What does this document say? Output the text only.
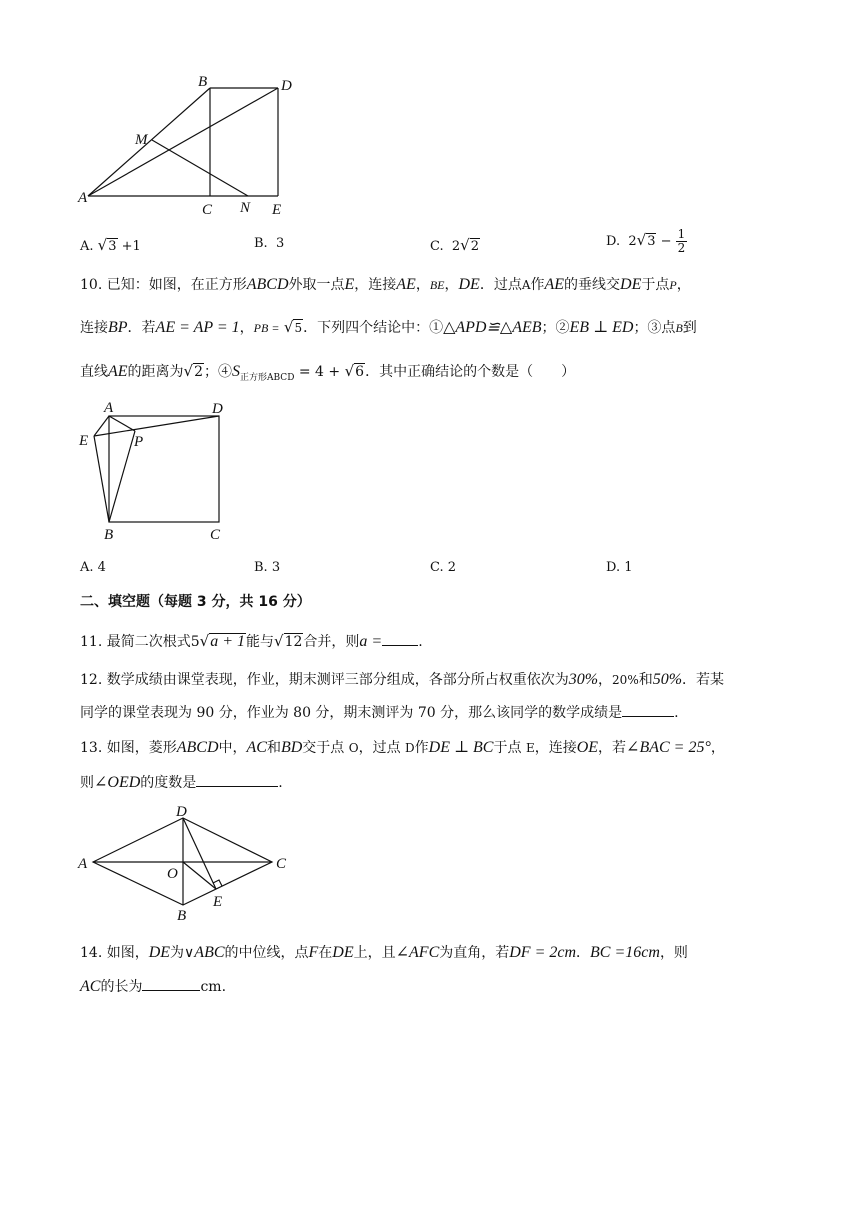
A
B
C
D
E
M
N
A. √3 +1	B. 3	C.  2√2	D.  $2√3 - \frac{1}{2}$
10. 已知：如图，在正方形ABCD外取一点E，连接AE，BE，DE．过点A作AE的垂线交DE于点P，
连接BP．若AE = AP = 1，PB = √5．下列四个结论中：①△APD≌△AEB；②EB ⊥ ED；③点B到
直线AE的距离为√2；$④S_{正方形ABCD} = 4 + √6$．其中正确结论的个数是（　　）
A	D
E	P
B	C
A. 4	B. 3	C. 2	D. 1
二、填空题（每题 3 分，共 16 分）
11. 最简二次根式5√a + 1能与√12合并，则a =	.
12. 数学成绩由课堂表现，作业，期末测评三部分组成，各部分所占权重依次为30%，20%和50%．若某
同学的课堂表现为 90 分，作业为 80 分，期末测评为 70 分，那么该同学的数学成绩是	.
13. 如图，菱形ABCD中，AC和BD交于点 O，过点 D作DE ⊥ BC于点 E，连接OE，若∠BAC = 25°，
则∠OED的度数是	.
A
D
C
O
B
E
14. 如图，DE为∨ABC的中位线，点F在DE上，且∠AFC为直角，若DF = 2cm．BC =16cm，则
AC的长为	cm.
